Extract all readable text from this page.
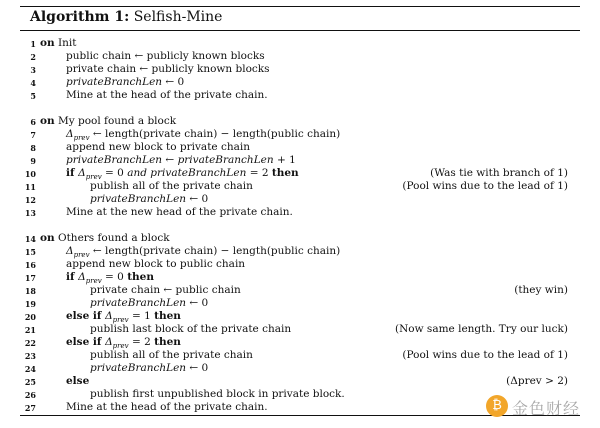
Algorithm 1: Selfish-Mine
1 on Init
2	public chain ← publicly known blocks
3	private chain ← publicly known blocks
4	privateBranchLen ← 0
5	Mine at the head of the private chain.
6 on My pool found a block
7	$\Delta_{prev}$ ← length(private chain) − length(public chain)
8	append new block to private chain
9	privateBranchLen ← privateBranchLen + 1
10	if $\Delta_{prev} = 0$ and privateBranchLen = 2 then	(Was tie with branch of 1)
11	publish all of the private chain	(Pool wins due to the lead of 1)
12	privateBranchLen ← 0
13	Mine at the new head of the private chain.
14 on Others found a block
15	$\Delta_{prev}$ ← length(private chain) − length(public chain)
16	append new block to public chain
17	if $\Delta_{prev} = 0$ then
18	private chain ← public chain	(they win)
19	privateBranchLen ← 0
20	else if $\Delta_{prev} = 1$ then
21	publish last block of the private chain	(Now same length. Try our luck)
22	else if $\Delta_{prev} = 2$ then
23	publish all of the private chain	(Pool wins due to the lead of 1)
24	privateBranchLen ← 0
25	else	(Δprev > 2)
26	publish first unpublished block in private block.
27	Mine at the head of the private chain.	₿ 金色财经
